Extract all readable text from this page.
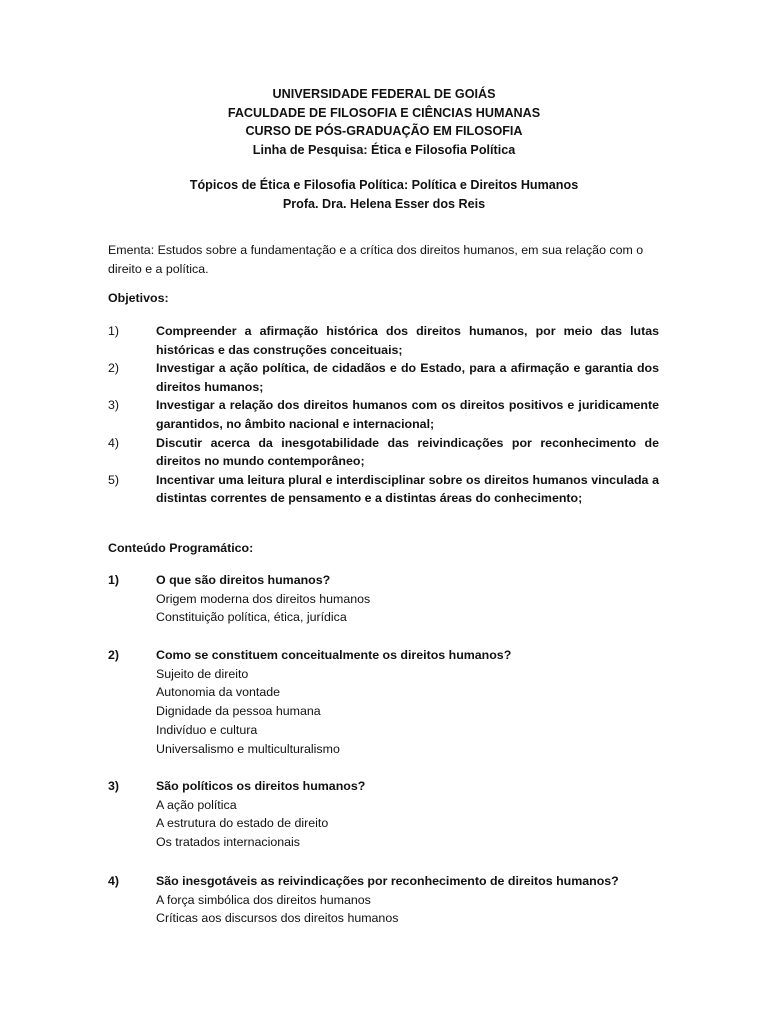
UNIVERSIDADE FEDERAL DE GOIÁS
FACULDADE DE FILOSOFIA E CIÊNCIAS HUMANAS
CURSO DE PÓS-GRADUAÇÃO EM FILOSOFIA
Linha de Pesquisa: Ética e Filosofia Política
Tópicos de Ética e Filosofia Política: Política e Direitos Humanos
Profa. Dra. Helena Esser dos Reis
Ementa: Estudos sobre a fundamentação e a crítica dos direitos humanos, em sua relação com o direito e a política.
Objetivos:
1)	Compreender a afirmação histórica dos direitos humanos, por meio das lutas históricas e das construções conceituais;
2)	Investigar a ação política, de cidadãos e do Estado, para a afirmação e garantia dos direitos humanos;
3)	Investigar a relação dos direitos humanos com os direitos positivos e juridicamente garantidos, no âmbito nacional e internacional;
4)	Discutir acerca da inesgotabilidade das reivindicações por reconhecimento de direitos no mundo contemporâneo;
5)	Incentivar uma leitura plural e interdisciplinar sobre os direitos humanos vinculada a distintas correntes de pensamento e a distintas áreas do conhecimento;
Conteúdo Programático:
1)	O que são direitos humanos?
Origem moderna dos direitos humanos
Constituição política, ética, jurídica
2)	Como se constituem conceitualmente os direitos humanos?
Sujeito de direito
Autonomia da vontade
Dignidade da pessoa humana
Indivíduo e cultura
Universalismo e multiculturalismo
3)	São políticos os direitos humanos?
A ação política
A estrutura do estado de direito
Os tratados internacionais
4)	São inesgotáveis as reivindicações por reconhecimento de direitos humanos?
A força simbólica dos direitos humanos
Críticas aos discursos dos direitos humanos
